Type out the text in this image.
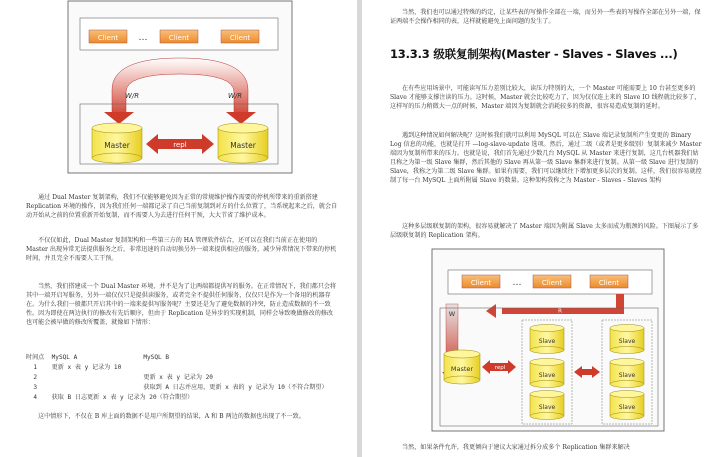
Client	Client	Client
…
W/R	W/R
Master	Master
repl

通过 Dual Master 复制架构，我们不仅能够避免因为正常的常规维护操作需要的停机所带来的重新搭建 Replication 环境的操作，因为我们任何一端都记录了自己当前复制到对方的什么位置了，当系统起来之后，就会自动开始从之前的位置重新开始复制，而不需要人为去进行任何干预，大大节省了维护成本。

不仅仅如此，Dual Master 复制架构和一些第三方的 HA 管理软件结合，还可以在我们当前正在使用的 Master 出现异常无法提供服务之后，非常迅速的自动切换另外一端来提供相应的服务，减少异常情况下带来的停机时间，并且完全不需要人工干预。

当然，我们搭建成一个 Dual Master 环境，并不是为了让两端都提供写的服务。在正常情况下，我们都只会将其中一端开启写服务，另外一端仅仅只是提供读服务，或者完全不提供任何服务，仅仅只是作为一个备用的机器存在。为什么我们一般都只开启其中的一端来提供写服务呢？主要还是为了避免数据的冲突，防止造成数据的不一致性。因为即使在两边执行的修改有先后顺序，但由于 Replication 是异步的实现机制，同样会导致晚做修改的修改也可能会被早做的修改所覆盖，就像如下情形：

时间点  MySQL A                  MySQL B
1    更新 x 表 y 记录为 10
2                             更新 x 表 y 记录为 20
3                             获取到 A 日志并应用，更新 x 表的 y 记录为 10（不符合期望）
4    获取 B 日志更新 x 表 y 记录为 20（符合期望）

这中情形下，不仅在 B 库上面的数据不是用户所期望的结果，A 和 B 两边的数据也出现了不一致。

当然，我们也可以通过特殊的约定，让某些表的写操作全部在一端，而另外一些表的写操作全部在另外一端，保证两端不会操作相同的表，这样就能避免上面问题的发生了。

13.3.3 级联复制架构(Master - Slaves - Slaves ...)

在有些应用场景中，可能读写压力差别比较大，读压力特别的大，一个 Master 可能需要上 10 台甚至更多的 Slave 才能够支撑注读的压力。这时候，Master 就会比较吃力了，因为仅仅连上来的 Slave IO 线程就比较多了，这样写的压力稍微大一点的时候，Master 端因为复制就会消耗较多的资源，很容易造成复制的延时。

遇到这种情况如何解决呢？这时候我们就可以利用 MySQL 可以在 Slave 端记录复制所产生变更的 Binary Log 信息的功能，也就是打开 —log-slave-update 选项。然后，通过二级（或者是更多级别）复制来减少 Master 端因为复制所带来的压力。也就是说，我们首先通过少数几台 MySQL 从 Master 来进行复制，这几台机器我们姑且称之为第一级 Slave 集群，然后其他的 Slave 再从第一级 Slave 集群来进行复制。从第一级 Slave 进行复制的 Slave，我称之为第二级 Slave 集群。如果有需要，我们可以继续往下增加更多层次的复制。这样，我们很容易就控制了每一台 MySQL 上面所附属 Slave 的数量。这种架构我称之为 Master - Slaves - Slaves 架构

这种多层级联复制的架构，很容易就解决了 Master 端因为附属 Slave 太多而成为瓶颈的风险。下图展示了多层级联复制的 Replication 架构。

Client	Client	Client
…
W	R
Master	repl
Slave
Slave
Slave
Slave
Slave
Slave

当然，如果条件允许，我更倾向于建议大家通过拆分成多个 Replication 集群来解决
